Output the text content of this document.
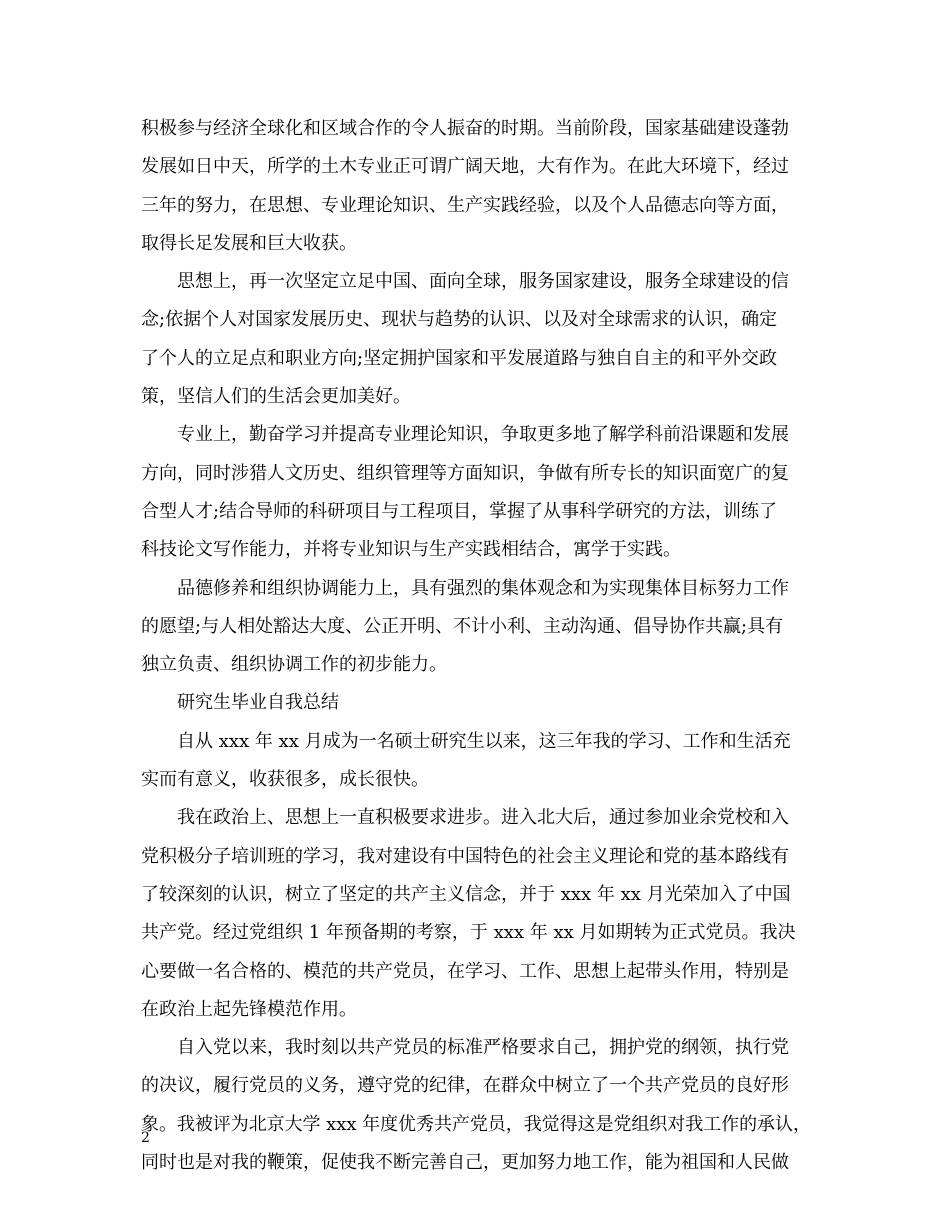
积极参与经济全球化和区域合作的令人振奋的时期。当前阶段，国家基础建设蓬勃
发展如日中天，所学的土木专业正可谓广阔天地，大有作为。在此大环境下，经过
三年的努力，在思想、专业理论知识、生产实践经验，以及个人品德志向等方面，
取得长足发展和巨大收获。
思想上，再一次坚定立足中国、面向全球，服务国家建设，服务全球建设的信
念;依据个人对国家发展历史、现状与趋势的认识、以及对全球需求的认识，确定
了个人的立足点和职业方向;坚定拥护国家和平发展道路与独自自主的和平外交政
策，坚信人们的生活会更加美好。
专业上，勤奋学习并提高专业理论知识，争取更多地了解学科前沿课题和发展
方向，同时涉猎人文历史、组织管理等方面知识，争做有所专长的知识面宽广的复
合型人才;结合导师的科研项目与工程项目，掌握了从事科学研究的方法，训练了
科技论文写作能力，并将专业知识与生产实践相结合，寓学于实践。
品德修养和组织协调能力上，具有强烈的集体观念和为实现集体目标努力工作
的愿望;与人相处豁达大度、公正开明、不计小利、主动沟通、倡导协作共赢;具有
独立负责、组织协调工作的初步能力。
研究生毕业自我总结
自从 xxx 年 xx 月成为一名硕士研究生以来，这三年我的学习、工作和生活充
实而有意义，收获很多，成长很快。
我在政治上、思想上一直积极要求进步。进入北大后，通过参加业余党校和入
党积极分子培训班的学习，我对建设有中国特色的社会主义理论和党的基本路线有
了较深刻的认识，树立了坚定的共产主义信念，并于 xxx 年 xx 月光荣加入了中国
共产党。经过党组织 1 年预备期的考察，于 xxx 年 xx 月如期转为正式党员。我决
心要做一名合格的、模范的共产党员，在学习、工作、思想上起带头作用，特别是
在政治上起先锋模范作用。
自入党以来，我时刻以共产党员的标准严格要求自己，拥护党的纲领，执行党
的决议，履行党员的义务，遵守党的纪律，在群众中树立了一个共产党员的良好形
象。我被评为北京大学 xxx 年度优秀共产党员，我觉得这是党组织对我工作的承认，
同时也是对我的鞭策，促使我不断完善自己，更加努力地工作，能为祖国和人民做
2
